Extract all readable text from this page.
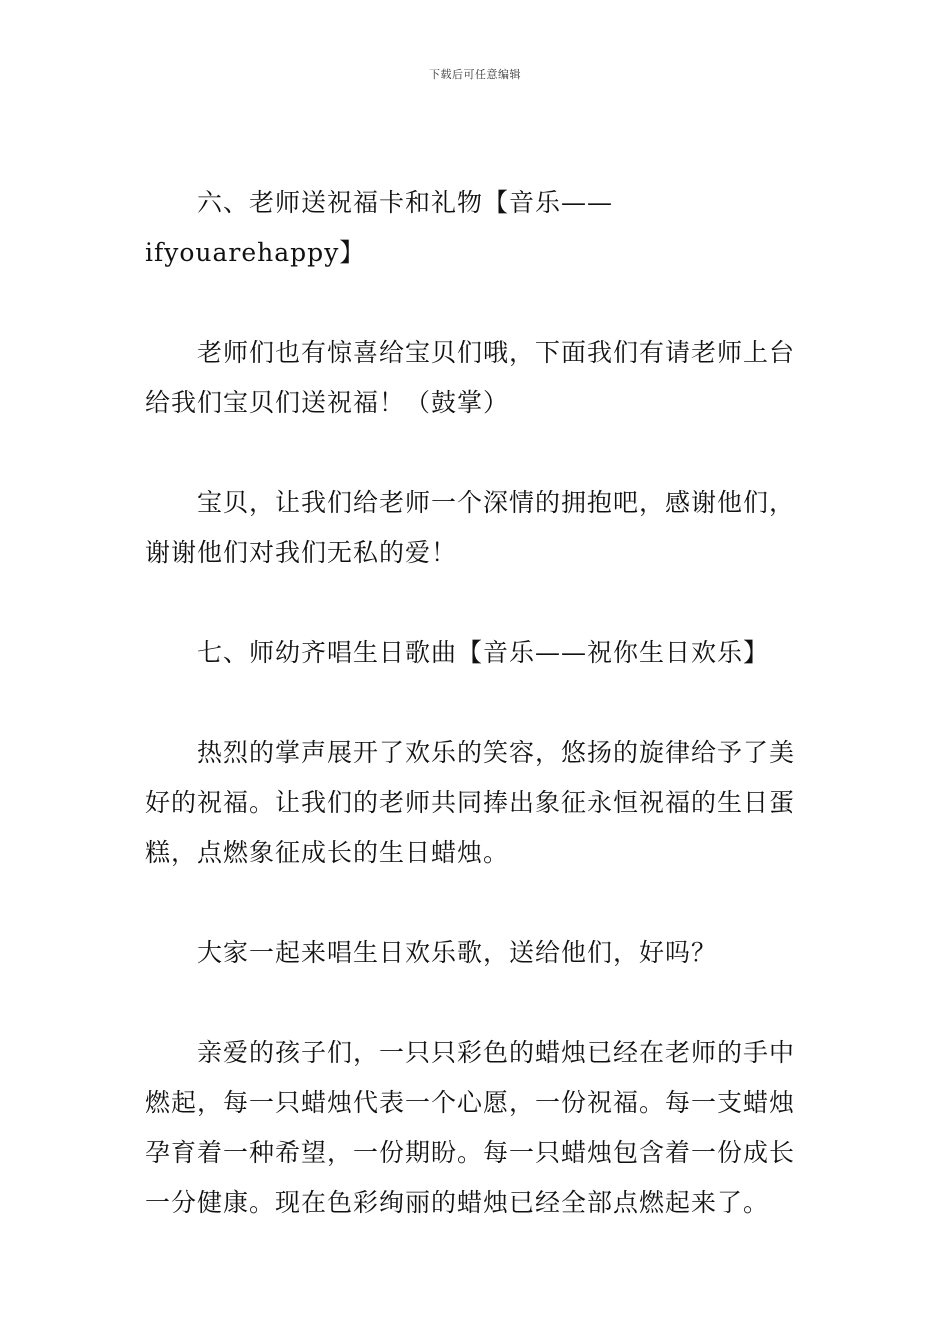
下载后可任意编辑

六、老师送祝福卡和礼物【音乐——ifyouarehappy】

老师们也有惊喜给宝贝们哦，下面我们有请老师上台给我们宝贝们送祝福！（鼓掌）

宝贝，让我们给老师一个深情的拥抱吧，感谢他们，谢谢他们对我们无私的爱！

七、师幼齐唱生日歌曲【音乐——祝你生日欢乐】

热烈的掌声展开了欢乐的笑容，悠扬的旋律给予了美好的祝福。让我们的老师共同捧出象征永恒祝福的生日蛋糕，点燃象征成长的生日蜡烛。

大家一起来唱生日欢乐歌，送给他们，好吗？

亲爱的孩子们，一只只彩色的蜡烛已经在老师的手中燃起，每一只蜡烛代表一个心愿，一份祝福。每一支蜡烛孕育着一种希望，一份期盼。每一只蜡烛包含着一份成长一分健康。现在色彩绚丽的蜡烛已经全部点燃起来了。
